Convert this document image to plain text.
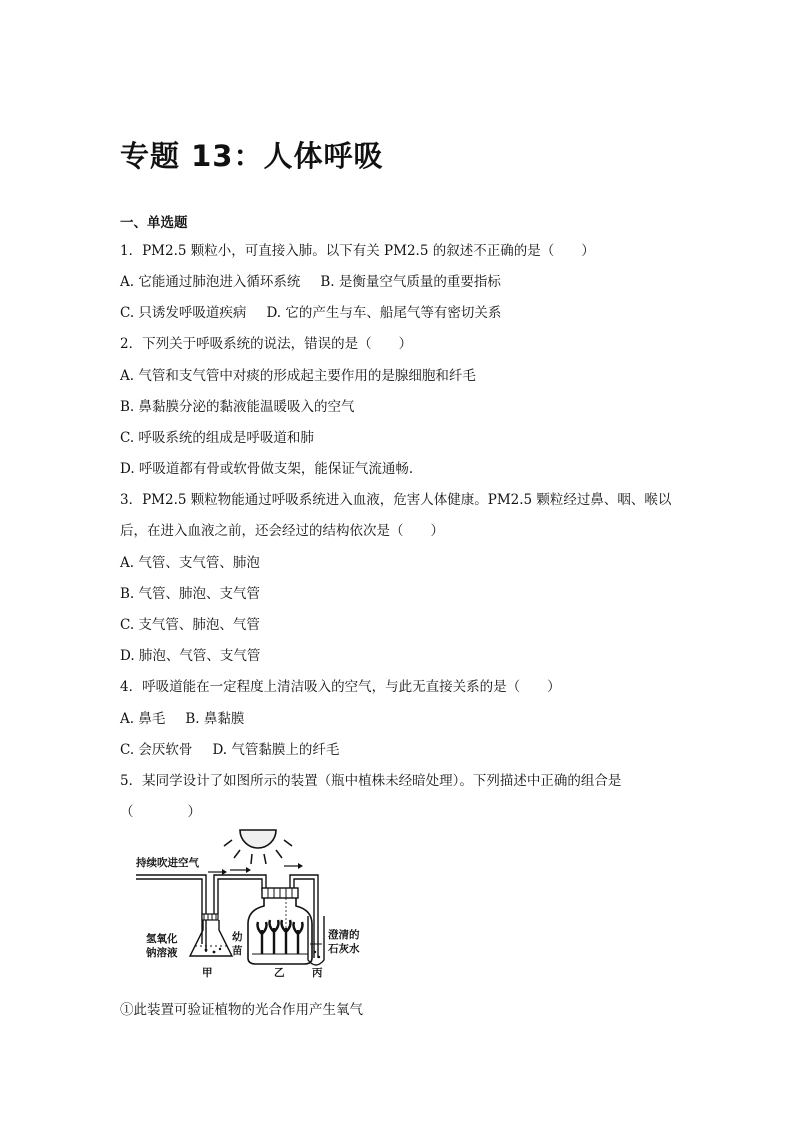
专题 13：人体呼吸
一、单选题
1．PM2.5 颗粒小，可直接入肺。以下有关 PM2.5 的叙述不正确的是（　　）
A. 它能通过肺泡进入循环系统 B. 是衡量空气质量的重要指标
C. 只诱发呼吸道疾病 D. 它的产生与车、船尾气等有密切关系
2．下列关于呼吸系统的说法，错误的是（　　）
A. 气管和支气管中对痰的形成起主要作用的是腺细胞和纤毛
B. 鼻黏膜分泌的黏液能温暖吸入的空气
C. 呼吸系统的组成是呼吸道和肺
D. 呼吸道都有骨或软骨做支架，能保证气流通畅.
3．PM2.5 颗粒物能通过呼吸系统进入血液，危害人体健康。PM2.5 颗粒经过鼻、咽、喉以
后，在进入血液之前，还会经过的结构依次是（　　）
A. 气管、支气管、肺泡
B. 气管、肺泡、支气管
C. 支气管、肺泡、气管
D. 肺泡、气管、支气管
4．呼吸道能在一定程度上清洁吸入的空气，与此无直接关系的是（　　）
A. 鼻毛 B. 鼻黏膜
C. 会厌软骨 D. 气管黏膜上的纤毛
5．某同学设计了如图所示的装置（瓶中植株未经暗处理）。下列描述中正确的组合是
（　　　　）
持续吹进空气
氢氧化
钠溶液
幼
苗
澄清的
石灰水
甲	乙	丙
①此装置可验证植物的光合作用产生氧气
